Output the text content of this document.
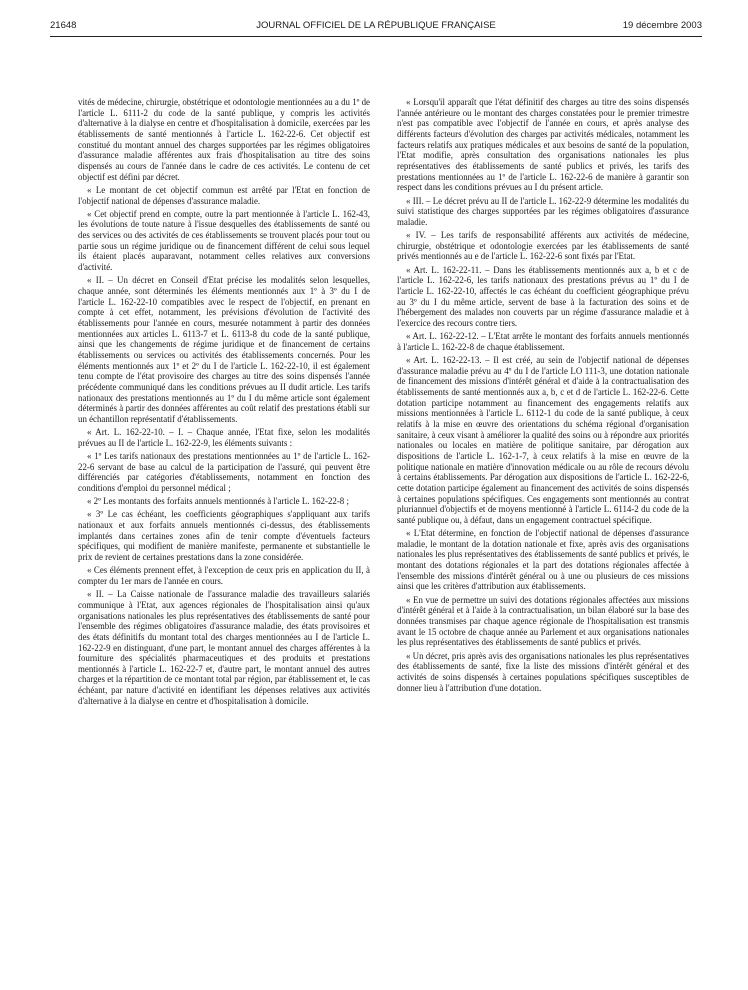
21648	JOURNAL OFFICIEL DE LA RÉPUBLIQUE FRANÇAISE	19 décembre 2003

vités de médecine, chirurgie, obstétrique et odontologie mentionnées au a du 1º de l'article L. 6111-2 du code de la santé publique, y compris les activités d'alternative à la dialyse en centre et d'hospitalisation à domicile, exercées par les établissements de santé mentionnés à l'article L. 162-22-6. Cet objectif est constitué du montant annuel des charges supportées par les régimes obligatoires d'assurance maladie afférentes aux frais d'hospitalisation au titre des soins dispensés au cours de l'année dans le cadre de ces activités. Le contenu de cet objectif est défini par décret.

« Le montant de cet objectif commun est arrêté par l'Etat en fonction de l'objectif national de dépenses d'assurance maladie.

« Cet objectif prend en compte, outre la part mentionnée à l'article L. 162-43, les évolutions de toute nature à l'issue desquelles des établissements de santé ou des services ou des activités de ces établissements se trouvent placés pour tout ou partie sous un régime juridique ou de financement différent de celui sous lequel ils étaient placés auparavant, notamment celles relatives aux conversions d'activité.

« II. – Un décret en Conseil d'Etat précise les modalités selon lesquelles, chaque année, sont déterminés les éléments mentionnés aux 1º à 3º du I de l'article L. 162-22-10 compatibles avec le respect de l'objectif, en prenant en compte à cet effet, notamment, les prévisions d'évolution de l'activité des établissements pour l'année en cours, mesurée notamment à partir des données mentionnées aux articles L. 6113-7 et L. 6113-8 du code de la santé publique, ainsi que les changements de régime juridique et de financement de certains établissements ou services ou activités des établissements concernés. Pour les éléments mentionnés aux 1º et 2º du I de l'article L. 162-22-10, il est également tenu compte de l'état provisoire des charges au titre des soins dispensés l'année précédente communiqué dans les conditions prévues au II dudit article. Les tarifs nationaux des prestations mentionnés au 1º du I du même article sont également déterminés à partir des données afférentes au coût relatif des prestations établi sur un échantillon représentatif d'établissements.

« Art. L. 162-22-10. – I. – Chaque année, l'Etat fixe, selon les modalités prévues au II de l'article L. 162-22-9, les éléments suivants :

« 1º Les tarifs nationaux des prestations mentionnées au 1º de l'article L. 162-22-6 servant de base au calcul de la participation de l'assuré, qui peuvent être différenciés par catégories d'établissements, notamment en fonction des conditions d'emploi du personnel médical ;

« 2º Les montants des forfaits annuels mentionnés à l'article L. 162-22-8 ;

« 3º Le cas échéant, les coefficients géographiques s'appliquant aux tarifs nationaux et aux forfaits annuels mentionnés ci-dessus, des établissements implantés dans certaines zones afin de tenir compte d'éventuels facteurs spécifiques, qui modifient de manière manifeste, permanente et substantielle le prix de revient de certaines prestations dans la zone considérée.

« Ces éléments prennent effet, à l'exception de ceux pris en application du II, à compter du 1er mars de l'année en cours.

« II. – La Caisse nationale de l'assurance maladie des travailleurs salariés communique à l'Etat, aux agences régionales de l'hospitalisation ainsi qu'aux organisations nationales les plus représentatives des établissements de santé pour l'ensemble des régimes obligatoires d'assurance maladie, des états provisoires et des états définitifs du montant total des charges mentionnées au I de l'article L. 162-22-9 en distinguant, d'une part, le montant annuel des charges afférentes à la fourniture des spécialités pharmaceutiques et des produits et prestations mentionnés à l'article L. 162-22-7 et, d'autre part, le montant annuel des autres charges et la répartition de ce montant total par région, par établissement et, le cas échéant, par nature d'activité en identifiant les dépenses relatives aux activités d'alternative à la dialyse en centre et d'hospitalisation à domicile.

« Lorsqu'il apparaît que l'état définitif des charges au titre des soins dispensés l'année antérieure ou le montant des charges constatées pour le premier trimestre n'est pas compatible avec l'objectif de l'année en cours, et après analyse des différents facteurs d'évolution des charges par activités médicales, notamment les facteurs relatifs aux pratiques médicales et aux besoins de santé de la population, l'Etat modifie, après consultation des organisations nationales les plus représentatives des établissements de santé publics et privés, les tarifs des prestations mentionnées au 1º de l'article L. 162-22-6 de manière à garantir son respect dans les conditions prévues au I du présent article.

« III. – Le décret prévu au II de l'article L. 162-22-9 détermine les modalités du suivi statistique des charges supportées par les régimes obligatoires d'assurance maladie.

« IV. – Les tarifs de responsabilité afférents aux activités de médecine, chirurgie, obstétrique et odontologie exercées par les établissements de santé privés mentionnés au e de l'article L. 162-22-6 sont fixés par l'Etat.

« Art. L. 162-22-11. – Dans les établissements mentionnés aux a, b et c de l'article L. 162-22-6, les tarifs nationaux des prestations prévus au 1º du I de l'article L. 162-22-10, affectés le cas échéant du coefficient géographique prévu au 3º du I du même article, servent de base à la facturation des soins et de l'hébergement des malades non couverts par un régime d'assurance maladie et à l'exercice des recours contre tiers.

« Art. L. 162-22-12. – L'Etat arrête le montant des forfaits annuels mentionnés à l'article L. 162-22-8 de chaque établissement.

« Art. L. 162-22-13. – Il est créé, au sein de l'objectif national de dépenses d'assurance maladie prévu au 4º du I de l'article LO 111-3, une dotation nationale de financement des missions d'intérêt général et d'aide à la contractualisation des établissements de santé mentionnés aux a, b, c et d de l'article L. 162-22-6. Cette dotation participe notamment au financement des engagements relatifs aux missions mentionnées à l'article L. 6112-1 du code de la santé publique, à ceux relatifs à la mise en œuvre des orientations du schéma régional d'organisation sanitaire, à ceux visant à améliorer la qualité des soins ou à répondre aux priorités nationales ou locales en matière de politique sanitaire, par dérogation aux dispositions de l'article L. 162-1-7, à ceux relatifs à la mise en œuvre de la politique nationale en matière d'innovation médicale ou au rôle de recours dévolu à certains établissements. Par dérogation aux dispositions de l'article L. 162-22-6, cette dotation participe également au financement des activités de soins dispensés à certaines populations spécifiques. Ces engagements sont mentionnés au contrat pluriannuel d'objectifs et de moyens mentionné à l'article L. 6114-2 du code de la santé publique ou, à défaut, dans un engagement contractuel spécifique.

« L'Etat détermine, en fonction de l'objectif national de dépenses d'assurance maladie, le montant de la dotation nationale et fixe, après avis des organisations nationales les plus représentatives des établissements de santé publics et privés, le montant des dotations régionales et la part des dotations régionales affectée à l'ensemble des missions d'intérêt général ou à une ou plusieurs de ces missions ainsi que les critères d'attribution aux établissements.

« En vue de permettre un suivi des dotations régionales affectées aux missions d'intérêt général et à l'aide à la contractualisation, un bilan élaboré sur la base des données transmises par chaque agence régionale de l'hospitalisation est transmis avant le 15 octobre de chaque année au Parlement et aux organisations nationales les plus représentatives des établissements de santé publics et privés.

« Un décret, pris après avis des organisations nationales les plus représentatives des établissements de santé, fixe la liste des missions d'intérêt général et des activités de soins dispensés à certaines populations spécifiques susceptibles de donner lieu à l'attribution d'une dotation.
